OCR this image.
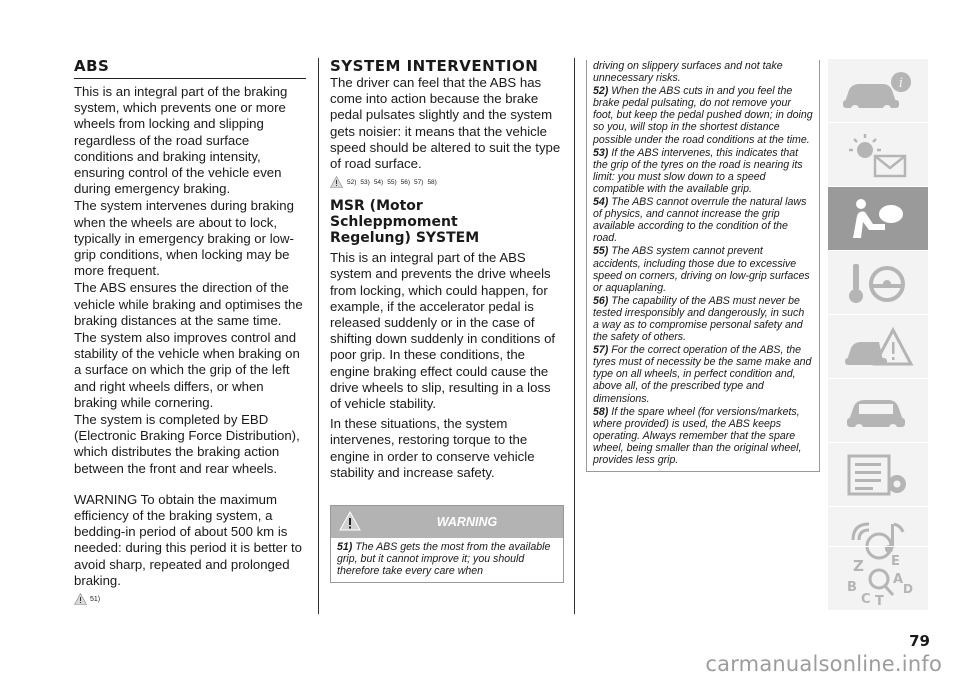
ABS

This is an integral part of the braking system, which prevents one or more wheels from locking and slipping regardless of the road surface conditions and braking intensity, ensuring control of the vehicle even during emergency braking.

The system intervenes during braking when the wheels are about to lock, typically in emergency braking or low-grip conditions, when locking may be more frequent.

The ABS ensures the direction of the vehicle while braking and optimises the braking distances at the same time.

The system also improves control and stability of the vehicle when braking on a surface on which the grip of the left and right wheels differs, or when braking while cornering.

The system is completed by EBD (Electronic Braking Force Distribution), which distributes the braking action between the front and rear wheels.

WARNING To obtain the maximum efficiency of the braking system, a bedding-in period of about 500 km is needed: during this period it is better to avoid sharp, repeated and prolonged braking.

51)
SYSTEM INTERVENTION

The driver can feel that the ABS has come into action because the brake pedal pulsates slightly and the system gets noisier: it means that the vehicle speed should be altered to suit the type of road surface.

52) 53) 54) 55) 56) 57) 58)
MSR (Motor
Schleppmoment
Regelung) SYSTEM

This is an integral part of the ABS system and prevents the drive wheels from locking, which could happen, for example, if the accelerator pedal is released suddenly or in the case of shifting down suddenly in conditions of poor grip. In these conditions, the engine braking effect could cause the drive wheels to slip, resulting in a loss of vehicle stability.

In these situations, the system intervenes, restoring torque to the engine in order to conserve vehicle stability and increase safety.

WARNING

51) The ABS gets the most from the available grip, but it cannot improve it; you should therefore take every care when

driving on slippery surfaces and not take unnecessary risks.

52) When the ABS cuts in and you feel the brake pedal pulsating, do not remove your foot, but keep the pedal pushed down; in doing so you, will stop in the shortest distance possible under the road conditions at the time.

53) If the ABS intervenes, this indicates that the grip of the tyres on the road is nearing its limit: you must slow down to a speed compatible with the available grip.

54) The ABS cannot overrule the natural laws of physics, and cannot increase the grip available according to the condition of the road.

55) The ABS system cannot prevent accidents, including those due to excessive speed on corners, driving on low-grip surfaces or aquaplaning.

56) The capability of the ABS must never be tested irresponsibly and dangerously, in such a way as to compromise personal safety and the safety of others.

57) For the correct operation of the ABS, the tyres must of necessity be the same make and type on all wheels, in perfect condition and, above all, of the prescribed type and dimensions.

58) If the spare wheel (for versions/markets, where provided) is used, the ABS keeps operating. Always remember that the spare wheel, being smaller than the original wheel, provides less grip.

i
Z E
A
B	D
C T
79
carmanualsonline.info
